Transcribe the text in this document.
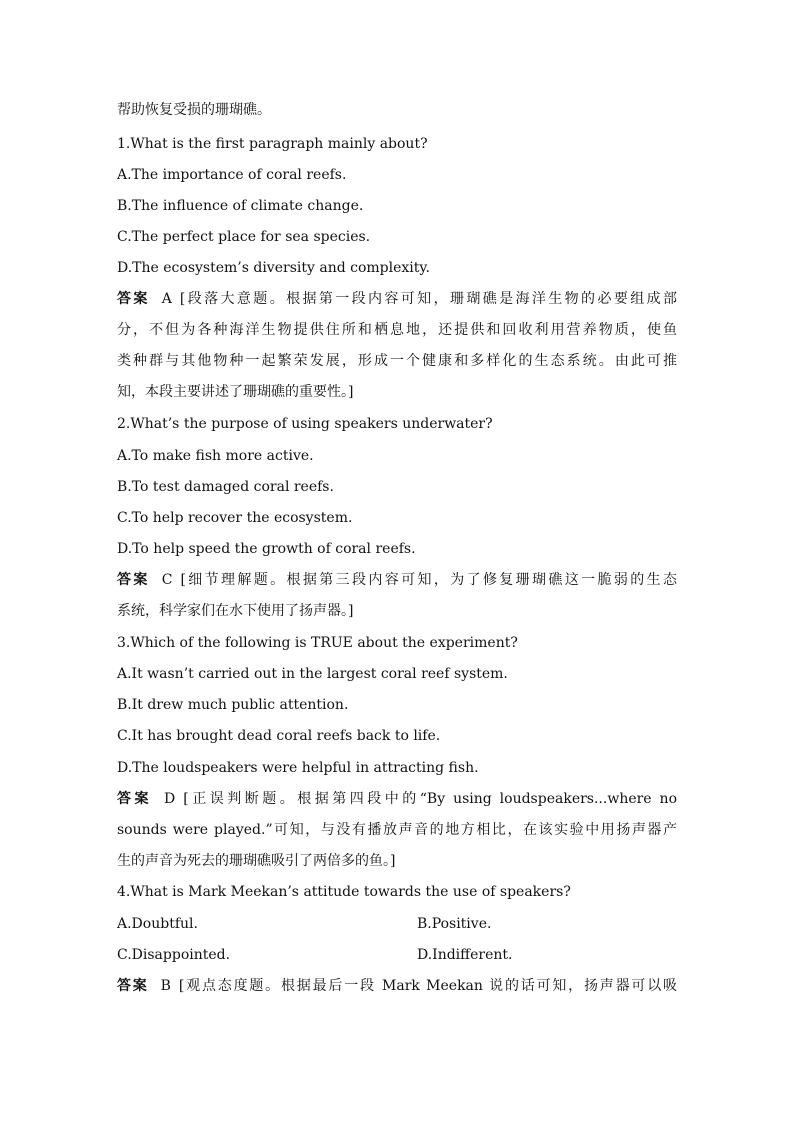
帮助恢复受损的珊瑚礁。
1.What is the first paragraph mainly about?
A.The importance of coral reefs.
B.The influence of climate change.
C.The perfect place for sea species.
D.The ecosystem’s diversity and complexity.
答案 A [段落大意题。根据第一段内容可知，珊瑚礁是海洋生物的必要组成部
分，不但为各种海洋生物提供住所和栖息地，还提供和回收利用营养物质，使鱼
类种群与其他物种一起繁荣发展，形成一个健康和多样化的生态系统。由此可推
知，本段主要讲述了珊瑚礁的重要性。]
2.What’s the purpose of using speakers underwater?
A.To make fish more active.
B.To test damaged coral reefs.
C.To help recover the ecosystem.
D.To help speed the growth of coral reefs.
答案 C [细节理解题。根据第三段内容可知，为了修复珊瑚礁这一脆弱的生态
系统，科学家们在水下使用了扬声器。]
3.Which of the following is TRUE about the experiment?
A.It wasn’t carried out in the largest coral reef system.
B.It drew much public attention.
C.It has brought dead coral reefs back to life.
D.The loudspeakers were helpful in attracting fish.
答案 D [正误判断题。根据第四段中的“By using loudspeakers...where no
sounds were played.”可知，与没有播放声音的地方相比，在该实验中用扬声器产
生的声音为死去的珊瑚礁吸引了两倍多的鱼。]
4.What is Mark Meekan’s attitude towards the use of speakers?
A.Doubtful.	B.Positive.
C.Disappointed.	D.Indifferent.
答案 B [观点态度题。根据最后一段 Mark Meekan 说的话可知，扬声器可以吸
